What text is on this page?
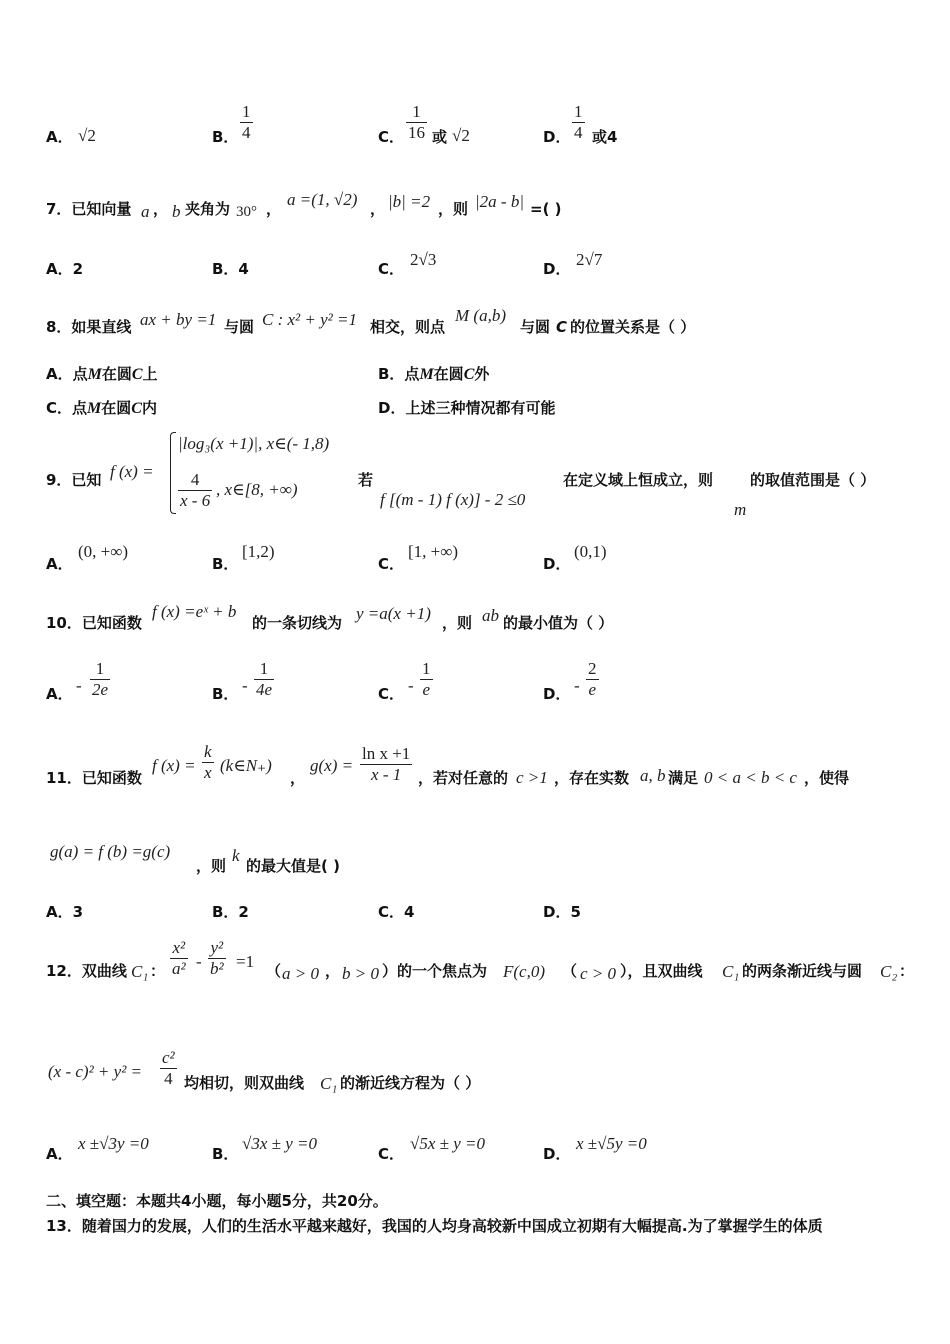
A． √2	B．
1
4	C．
1
16 或 √2	D．
1
4 或4
7．已知向量 a ， b 夹角为 30° ， a =(1, √2) ， |b| =2 ，则 |2a - b| =( )
A．2	B．4	C． 2√3	D． 2√7
8．如果直线 ax + by =1 与圆 C : x² + y² =1 相交，则点
M (a,b)
与圆 C 的位置关系是（ ）
A．点M在圆C上	B．点M在圆C外
C．点M在圆C内	D．上述三种情况都有可能
9．已知 f (x) =
|log₃(x +1)|, x∈(- 1,8)
4
x - 6
, x∈[8, +∞)	若
f [(m - 1) f (x)] - 2 ≤0
在定义域上恒成立，则 的取值范围是（ ）
m
A．
(0, +∞)
B．
[1,2)
C．
[1, +∞)
D．
(0,1)
10．已知函数
f (x) =eˣ + b
的一条切线为 y =a(x +1) ，则 ab 的最小值为（ ）
A． -
1
2e	B． -
1
4e	C． -
1
e	D． -
2
e
11．已知函数
f (x) =
k
x (k∈N₊)
，
g(x) =
ln x +1
x - 1 ，若对任意的 c >1 ，存在实数 a, b 满足 0 < a < b < c ，使得
g(a) = f (b) =g(c)
，则
k
的最大值是( )
A．3	B．2	C．4	D．5
12．双曲线 C₁ ：
x²
a² -
y²
b² =1 （ a > 0 ， b > 0 ）的一个焦点为 F(c,0) （ c > 0 ），且双曲线 C₁ 的两条渐近线与圆 C₂ ：
(x - c)² + y² =
c²
4 均相切，则双曲线 C₁ 的渐近线方程为（ ）
A．
x ±√3y =0
B．
√3x ± y =0
C．
√5x ± y =0
D．
x ±√5y =0
二、填空题：本题共4小题，每小题5分，共20分。
13．随着国力的发展，人们的生活水平越来越好，我国的人均身高较新中国成立初期有大幅提高.为了掌握学生的体质
